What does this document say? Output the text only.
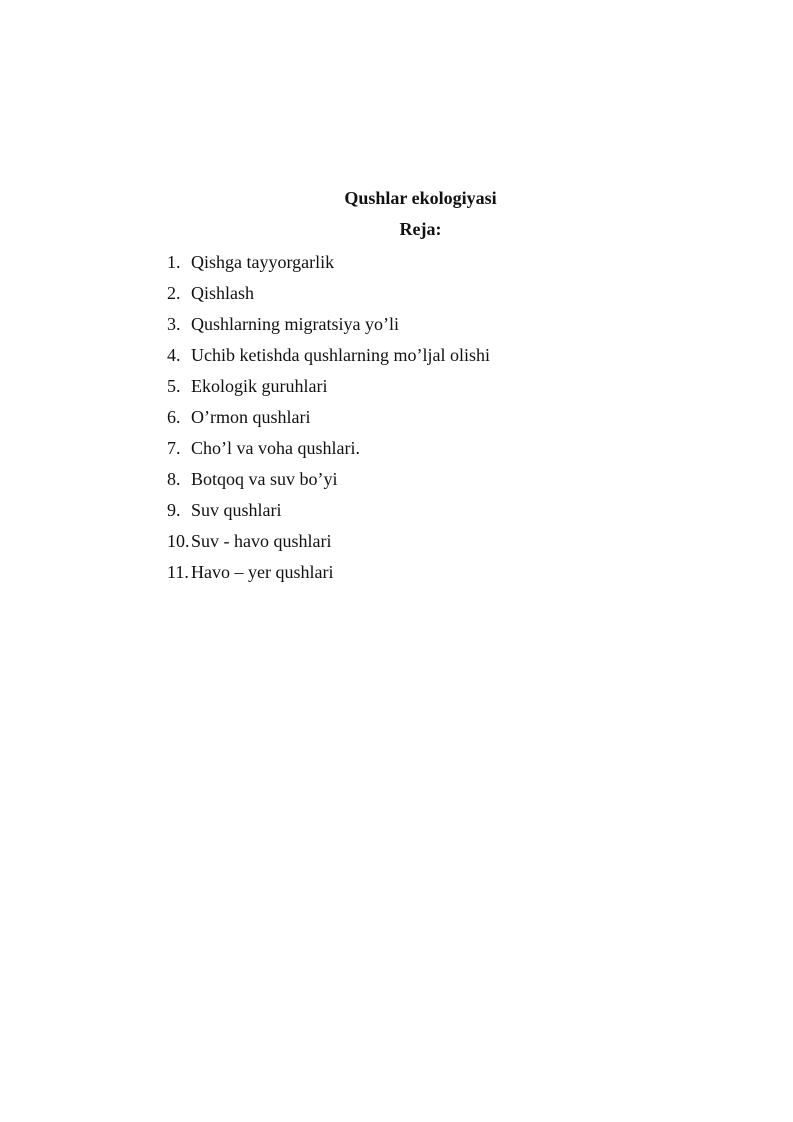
Qushlar ekologiyasi
Reja:
1. Qishga tayyorgarlik
2. Qishlash
3. Qushlarning migratsiya yo’li
4. Uchib ketishda qushlarning mo’ljal olishi
5. Ekologik guruhlari
6. O’rmon qushlari
7. Cho’l va voha qushlari.
8. Botqoq va suv bo’yi
9. Suv qushlari
10.Suv - havo qushlari
11. Havo – yer qushlari
